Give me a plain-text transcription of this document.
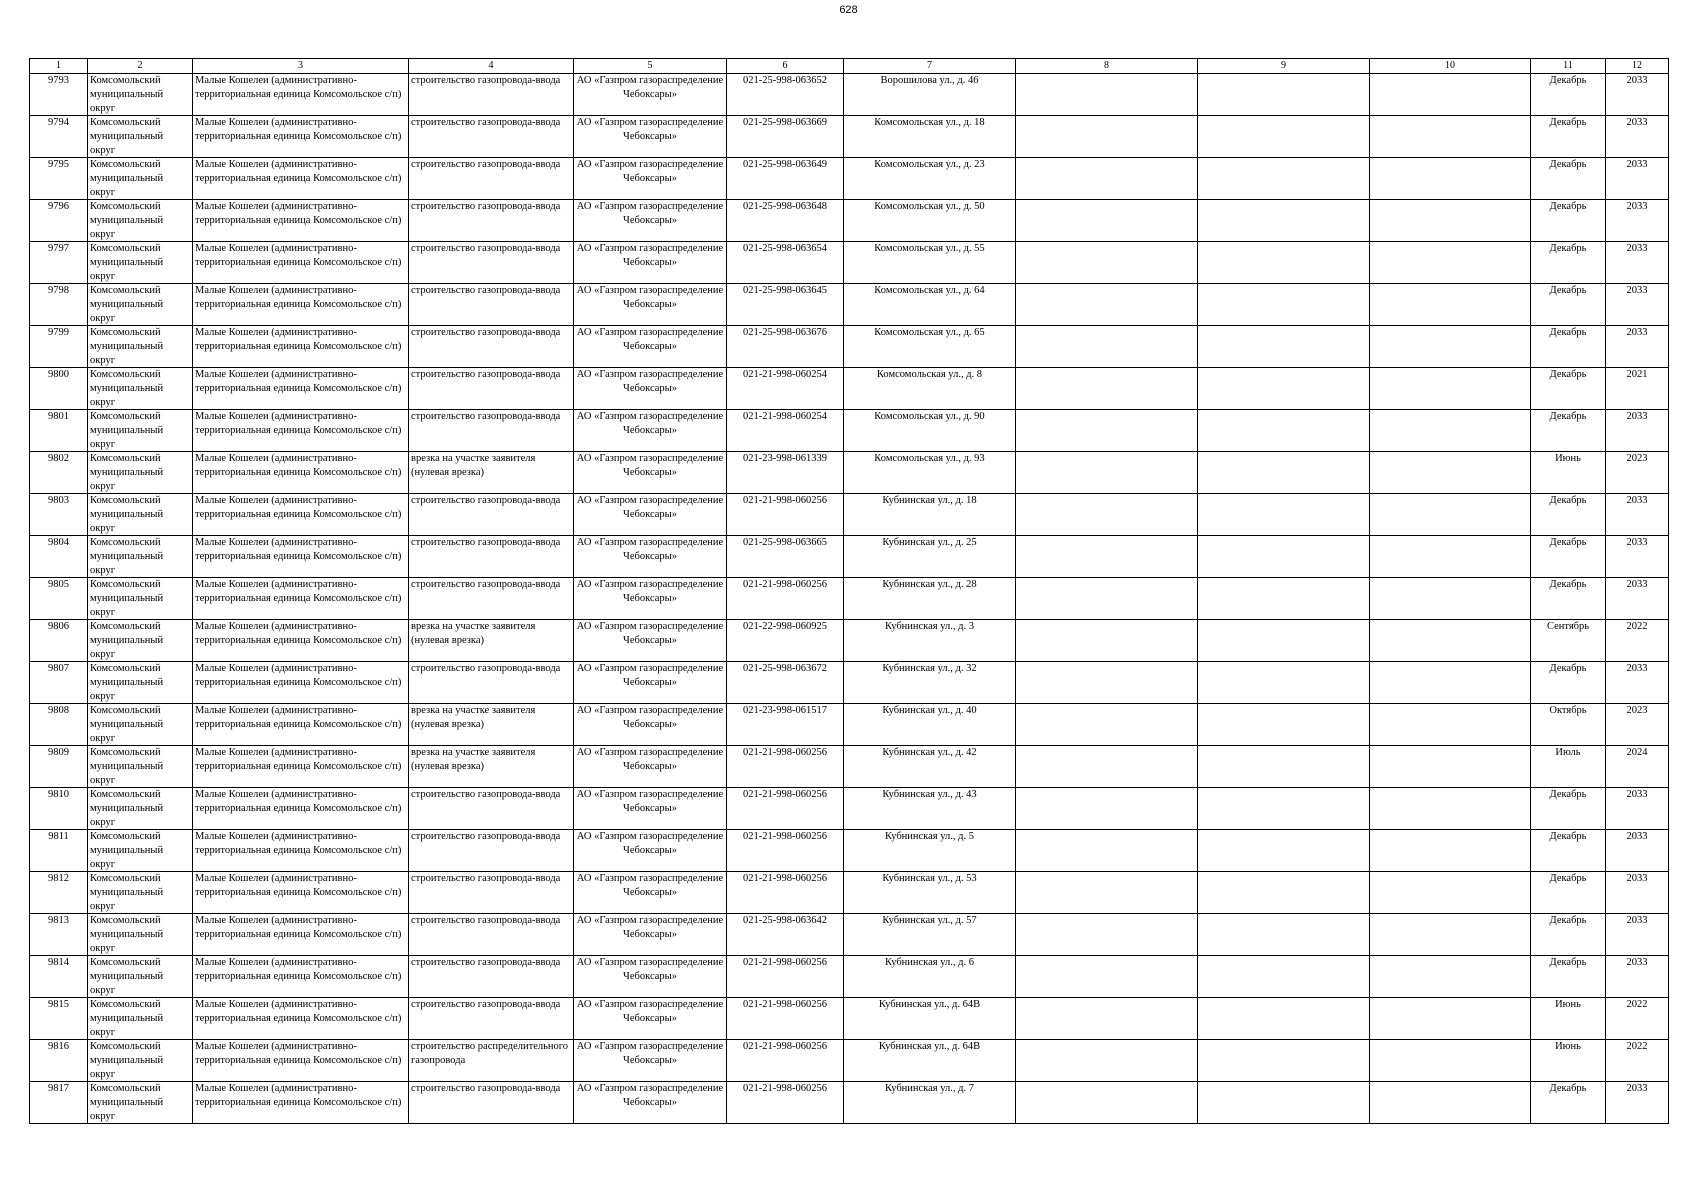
628
1	2	3	4	5	6	7	8	9	10	11	12

9793	Комсомольский муниципальный округ	Малые Кошелеи (административно-территориальная единица Комсомольское с/п)	строительство газопровода-ввода	АО «Газпром газораспределение Чебоксары»	021-25-998-063652	Ворошилова ул., д. 46				Декабрь	2033

9794	Комсомольский муниципальный округ	Малые Кошелеи (административно-территориальная единица Комсомольское с/п)	строительство газопровода-ввода	АО «Газпром газораспределение Чебоксары»	021-25-998-063669	Комсомольская ул., д. 18				Декабрь	2033

9795	Комсомольский муниципальный округ	Малые Кошелеи (административно-территориальная единица Комсомольское с/п)	строительство газопровода-ввода	АО «Газпром газораспределение Чебоксары»	021-25-998-063649	Комсомольская ул., д. 23				Декабрь	2033

9796	Комсомольский муниципальный округ	Малые Кошелеи (административно-территориальная единица Комсомольское с/п)	строительство газопровода-ввода	АО «Газпром газораспределение Чебоксары»	021-25-998-063648	Комсомольская ул., д. 50				Декабрь	2033

9797	Комсомольский муниципальный округ	Малые Кошелеи (административно-территориальная единица Комсомольское с/п)	строительство газопровода-ввода	АО «Газпром газораспределение Чебоксары»	021-25-998-063654	Комсомольская ул., д. 55				Декабрь	2033

9798	Комсомольский муниципальный округ	Малые Кошелеи (административно-территориальная единица Комсомольское с/п)	строительство газопровода-ввода	АО «Газпром газораспределение Чебоксары»	021-25-998-063645	Комсомольская ул., д. 64				Декабрь	2033

9799	Комсомольский муниципальный округ	Малые Кошелеи (административно-территориальная единица Комсомольское с/п)	строительство газопровода-ввода	АО «Газпром газораспределение Чебоксары»	021-25-998-063676	Комсомольская ул., д. 65				Декабрь	2033

9800	Комсомольский муниципальный округ	Малые Кошелеи (административно-территориальная единица Комсомольское с/п)	строительство газопровода-ввода	АО «Газпром газораспределение Чебоксары»	021-21-998-060254	Комсомольская ул., д. 8				Декабрь	2021

9801	Комсомольский муниципальный округ	Малые Кошелеи (административно-территориальная единица Комсомольское с/п)	строительство газопровода-ввода	АО «Газпром газораспределение Чебоксары»	021-21-998-060254	Комсомольская ул., д. 90				Декабрь	2033

9802	Комсомольский муниципальный округ	Малые Кошелеи (административно-территориальная единица Комсомольское с/п)	врезка на участке заявителя (нулевая врезка)	АО «Газпром газораспределение Чебоксары»	021-23-998-061339	Комсомольская ул., д. 93				Июнь	2023

9803	Комсомольский муниципальный округ	Малые Кошелеи (административно-территориальная единица Комсомольское с/п)	строительство газопровода-ввода	АО «Газпром газораспределение Чебоксары»	021-21-998-060256	Кубнинская ул., д. 18				Декабрь	2033

9804	Комсомольский муниципальный округ	Малые Кошелеи (административно-территориальная единица Комсомольское с/п)	строительство газопровода-ввода	АО «Газпром газораспределение Чебоксары»	021-25-998-063665	Кубнинская ул., д. 25				Декабрь	2033

9805	Комсомольский муниципальный округ	Малые Кошелеи (административно-территориальная единица Комсомольское с/п)	строительство газопровода-ввода	АО «Газпром газораспределение Чебоксары»	021-21-998-060256	Кубнинская ул., д. 28				Декабрь	2033

9806	Комсомольский муниципальный округ	Малые Кошелеи (административно-территориальная единица Комсомольское с/п)	врезка на участке заявителя (нулевая врезка)	АО «Газпром газораспределение Чебоксары»	021-22-998-060925	Кубнинская ул., д. 3				Сентябрь	2022

9807	Комсомольский муниципальный округ	Малые Кошелеи (административно-территориальная единица Комсомольское с/п)	строительство газопровода-ввода	АО «Газпром газораспределение Чебоксары»	021-25-998-063672	Кубнинская ул., д. 32				Декабрь	2033

9808	Комсомольский муниципальный округ	Малые Кошелеи (административно-территориальная единица Комсомольское с/п)	врезка на участке заявителя (нулевая врезка)	АО «Газпром газораспределение Чебоксары»	021-23-998-061517	Кубнинская ул., д. 40				Октябрь	2023

9809	Комсомольский муниципальный округ	Малые Кошелеи (административно-территориальная единица Комсомольское с/п)	врезка на участке заявителя (нулевая врезка)	АО «Газпром газораспределение Чебоксары»	021-21-998-060256	Кубнинская ул., д. 42				Июль	2024

9810	Комсомольский муниципальный округ	Малые Кошелеи (административно-территориальная единица Комсомольское с/п)	строительство газопровода-ввода	АО «Газпром газораспределение Чебоксары»	021-21-998-060256	Кубнинская ул., д. 43				Декабрь	2033

9811	Комсомольский муниципальный округ	Малые Кошелеи (административно-территориальная единица Комсомольское с/п)	строительство газопровода-ввода	АО «Газпром газораспределение Чебоксары»	021-21-998-060256	Кубнинская ул., д. 5				Декабрь	2033

9812	Комсомольский муниципальный округ	Малые Кошелеи (административно-территориальная единица Комсомольское с/п)	строительство газопровода-ввода	АО «Газпром газораспределение Чебоксары»	021-21-998-060256	Кубнинская ул., д. 53				Декабрь	2033

9813	Комсомольский муниципальный округ	Малые Кошелеи (административно-территориальная единица Комсомольское с/п)	строительство газопровода-ввода	АО «Газпром газораспределение Чебоксары»	021-25-998-063642	Кубнинская ул., д. 57				Декабрь	2033

9814	Комсомольский муниципальный округ	Малые Кошелеи (административно-территориальная единица Комсомольское с/п)	строительство газопровода-ввода	АО «Газпром газораспределение Чебоксары»	021-21-998-060256	Кубнинская ул., д. 6				Декабрь	2033

9815	Комсомольский муниципальный округ	Малые Кошелеи (административно-территориальная единица Комсомольское с/п)	строительство газопровода-ввода	АО «Газпром газораспределение Чебоксары»	021-21-998-060256	Кубнинская ул., д. 64В				Июнь	2022

9816	Комсомольский муниципальный округ	Малые Кошелеи (административно-территориальная единица Комсомольское с/п)	строительство распределительного газопровода	АО «Газпром газораспределение Чебоксары»	021-21-998-060256	Кубнинская ул., д. 64В				Июнь	2022

9817	Комсомольский муниципальный округ	Малые Кошелеи (административно-территориальная единица Комсомольское с/п)	строительство газопровода-ввода	АО «Газпром газораспределение Чебоксары»	021-21-998-060256	Кубнинская ул., д. 7				Декабрь	2033
